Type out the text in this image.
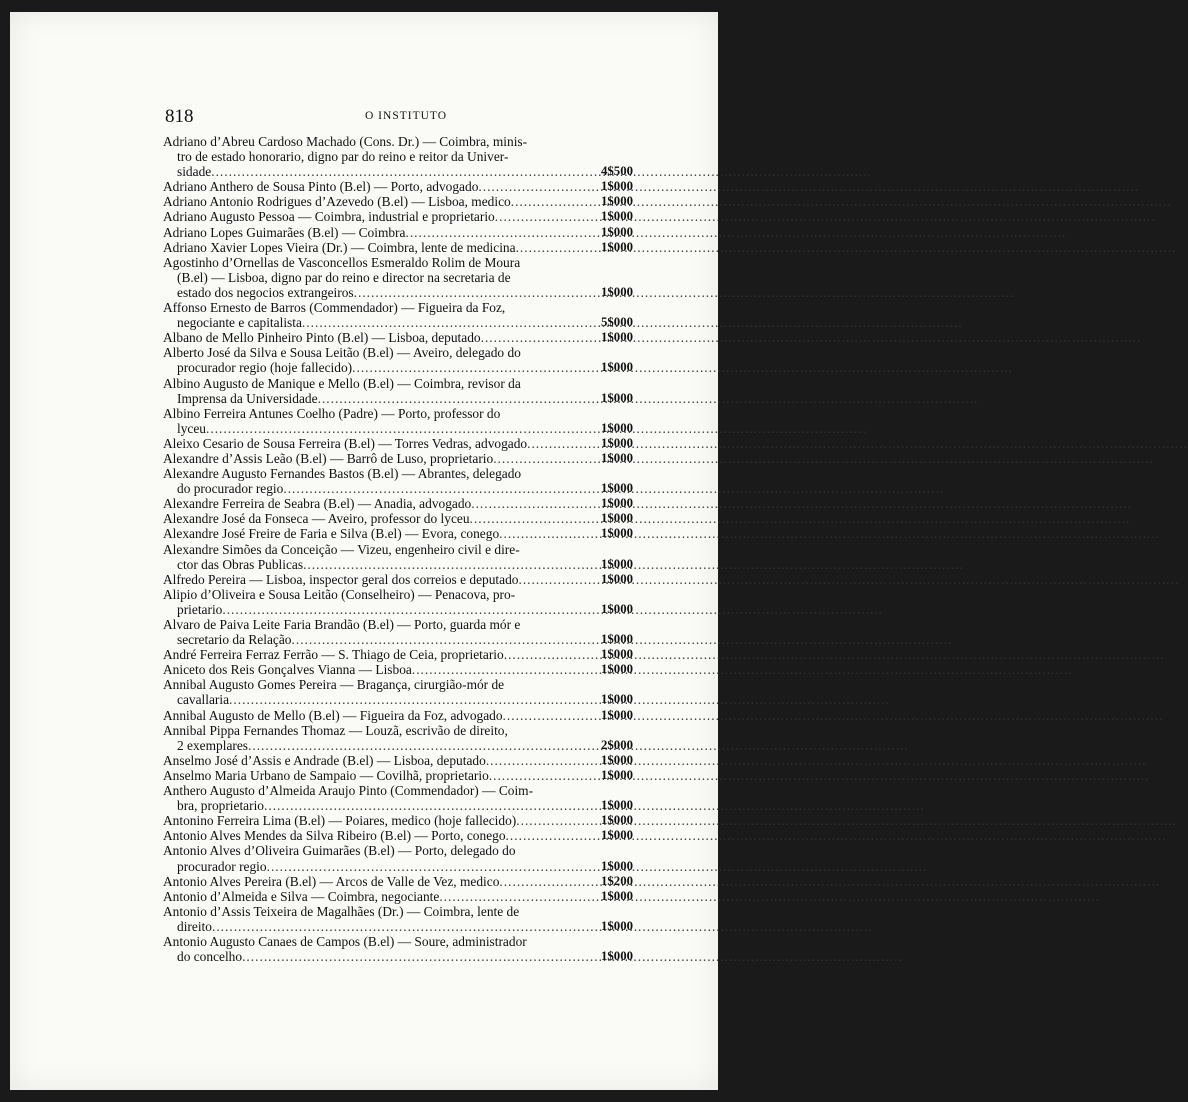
818	O INSTITUTO
Adriano d’Abreu Cardoso Machado (Cons. Dr.) — Coimbra, minis-
tro de estado honorario, digno par do reino e reitor da Univer-
sidade .....	4$500
Adriano Anthero de Sousa Pinto (B.el) — Porto, advogado .....	1$000
Adriano Antonio Rodrigues d’Azevedo (B.el) — Lisboa, medico .....	1$000
Adriano Augusto Pessoa — Coimbra, industrial e proprietario .....	1$000
Adriano Lopes Guimarães (B.el) — Coimbra .....	1$000
Adriano Xavier Lopes Vieira (Dr.) — Coimbra, lente de medicina .....	1$000
Agostinho d’Ornellas de Vasconcellos Esmeraldo Rolim de Moura
(B.el) — Lisboa, digno par do reino e director na secretaria de
estado dos negocios extrangeiros .....	1$000
Affonso Ernesto de Barros (Commendador) — Figueira da Foz,
negociante e capitalista .....	5$000
Albano de Mello Pinheiro Pinto (B.el) — Lisboa, deputado .....	1$000
Alberto José da Silva e Sousa Leitão (B.el) — Aveiro, delegado do
procurador regio (hoje fallecido) .....	1$000
Albino Augusto de Manique e Mello (B.el) — Coimbra, revisor da
Imprensa da Universidade .....	1$000
Albino Ferreira Antunes Coelho (Padre) — Porto, professor do
lyceu .....	1$000
Aleixo Cesario de Sousa Ferreira (B.el) — Torres Vedras, advogado .....	1$000
Alexandre d’Assis Leão (B.el) — Barrô de Luso, proprietario .....	1$000
Alexandre Augusto Fernandes Bastos (B.el) — Abrantes, delegado
do procurador regio .....	1$000
Alexandre Ferreira de Seabra (B.el) — Anadia, advogado .....	1$000
Alexandre José da Fonseca — Aveiro, professor do lyceu .....	1$000
Alexandre José Freire de Faria e Silva (B.el) — Evora, conego .....	1$000
Alexandre Simões da Conceição — Vizeu, engenheiro civil e dire-
ctor das Obras Publicas .....	1$000
Alfredo Pereira — Lisboa, inspector geral dos correios e deputado .....	1$000
Alipio d’Oliveira e Sousa Leitão (Conselheiro) — Penacova, pro-
prietario .....	1$000
Alvaro de Paiva Leite Faria Brandão (B.el) — Porto, guarda mór e
secretario da Relação .....	1$000
André Ferreira Ferraz Ferrão — S. Thiago de Ceia, proprietario .....	1$000
Aniceto dos Reis Gonçalves Vianna — Lisboa .....	1$000
Annibal Augusto Gomes Pereira — Bragança, cirurgião-mór de
cavallaria .....	1$000
Annibal Augusto de Mello (B.el) — Figueira da Foz, advogado .....	1$000
Annibal Pippa Fernandes Thomaz — Louzã, escrivão de direito,
2 exemplares .....	2$000
Anselmo José d’Assis e Andrade (B.el) — Lisboa, deputado .....	1$000
Anselmo Maria Urbano de Sampaio — Covilhã, proprietario .....	1$000
Anthero Augusto d’Almeida Araujo Pinto (Commendador) — Coim-
bra, proprietario .....	1$000
Antonino Ferreira Lima (B.el) — Poiares, medico (hoje fallecido) .....	1$000
Antonio Alves Mendes da Silva Ribeiro (B.el) — Porto, conego .....	1$000
Antonio Alves d’Oliveira Guimarães (B.el) — Porto, delegado do
procurador regio .....	1$000
Antonio Alves Pereira (B.el) — Arcos de Valle de Vez, medico .....	1$200
Antonio d’Almeida e Silva — Coimbra, negociante .....	1$000
Antonio d’Assis Teixeira de Magalhães (Dr.) — Coimbra, lente de
direito .....	1$000
Antonio Augusto Canaes de Campos (B.el) — Soure, administrador
do concelho .....	1$000
